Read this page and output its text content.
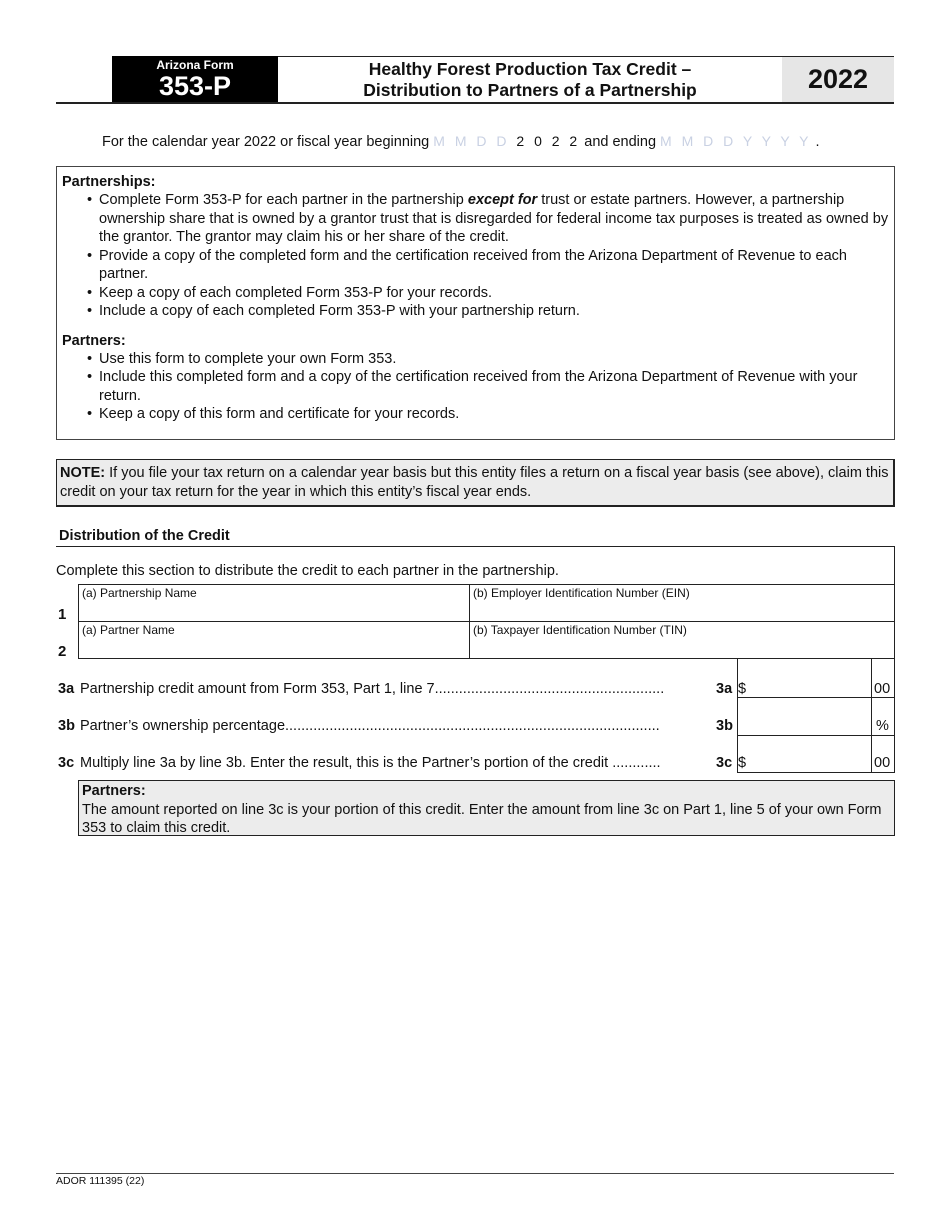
Arizona Form
353-P
Healthy Forest Production Tax Credit –
Distribution to Partners of a Partnership	2022
For the calendar year 2022 or fiscal year beginning M M D D 2 0 2 2 and ending M M D D Y Y Y Y .
Partnerships:
• Complete Form 353-P for each partner in the partnership except for trust or estate partners. However, a partnership ownership share that is owned by a grantor trust that is disregarded for federal income tax purposes is treated as owned by the grantor. The grantor may claim his or her share of the credit.
• Provide a copy of the completed form and the certification received from the Arizona Department of Revenue to each partner.
• Keep a copy of each completed Form 353-P for your records.
• Include a copy of each completed Form 353-P with your partnership return.
Partners:
• Use this form to complete your own Form 353.
• Include this completed form and a copy of the certification received from the Arizona Department of Revenue with your return.
• Keep a copy of this form and certificate for your records.
NOTE: If you file your tax return on a calendar year basis but this entity files a return on a fiscal year basis (see above), claim this credit on your tax return for the year in which this entity’s fiscal year ends.
Distribution of the Credit
Complete this section to distribute the credit to each partner in the partnership.
1
(a) Partnership Name	(b) Employer Identification Number (EIN)
2
(a) Partner Name	(b) Taxpayer Identification Number (TIN)
3a Partnership credit amount from Form 353, Part 1, line 7.........................................................	3a $	00
3b Partner’s ownership percentage.............................................................................................	3b	%
3c Multiply line 3a by line 3b. Enter the result, this is the Partner’s portion of the credit ............	3c $	00
Partners:
The amount reported on line 3c is your portion of this credit. Enter the amount from line 3c on Part 1, line 5 of your own Form 353 to claim this credit.
ADOR 111395 (22)
